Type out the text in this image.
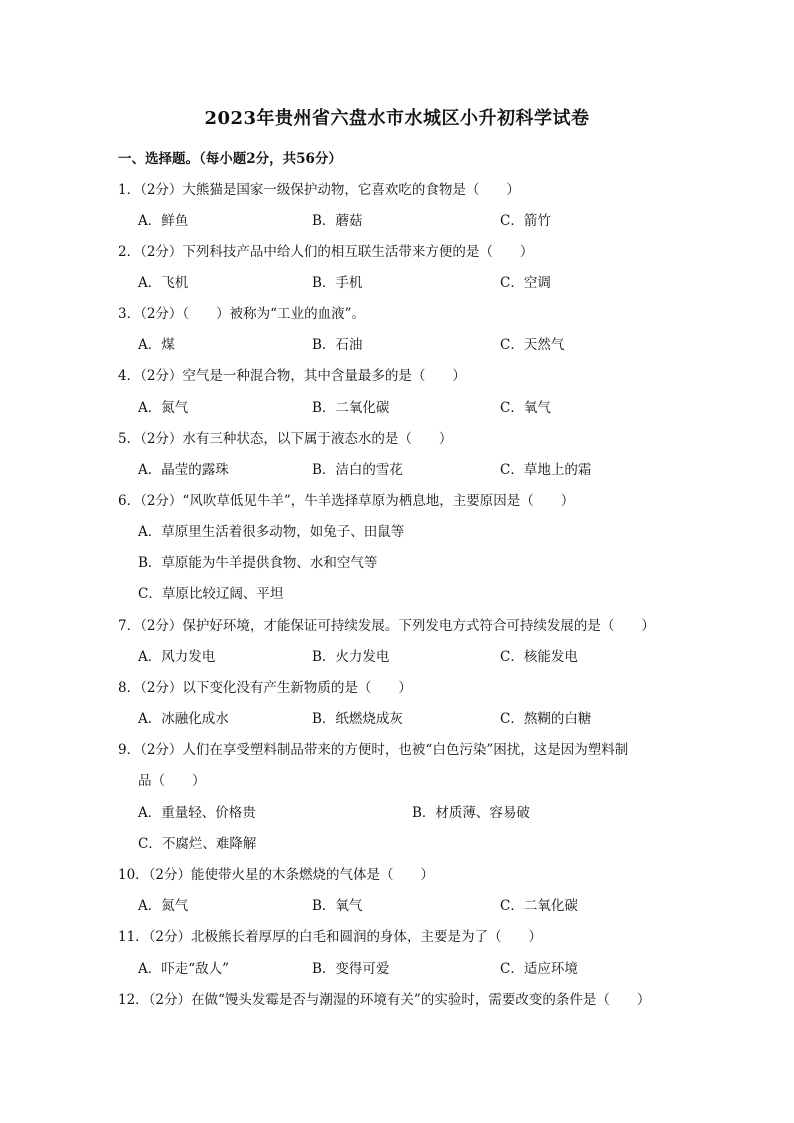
2023年贵州省六盘水市水城区小升初科学试卷
一、选择题。（每小题2分，共56分）
1．（2分）大熊猫是国家一级保护动物，它喜欢吃的食物是（　　）
A．鲜鱼	B．蘑菇	C．箭竹
2．（2分）下列科技产品中给人们的相互联生活带来方便的是（　　）
A．飞机	B．手机	C．空调
3．（2分）（　　）被称为“工业的血液”。
A．煤	B．石油	C．天然气
4．（2分）空气是一种混合物，其中含量最多的是（　　）
A．氮气	B．二氧化碳	C．氧气
5．（2分）水有三种状态，以下属于液态水的是（　　）
A．晶莹的露珠	B．洁白的雪花	C．草地上的霜
6．（2分）“风吹草低见牛羊”，牛羊选择草原为栖息地，主要原因是（　　）
A．草原里生活着很多动物，如兔子、田鼠等
B．草原能为牛羊提供食物、水和空气等
C．草原比较辽阔、平坦
7．（2分）保护好环境，才能保证可持续发展。下列发电方式符合可持续发展的是（　　）
A．风力发电	B．火力发电	C．核能发电
8．（2分）以下变化没有产生新物质的是（　　）
A．冰融化成水	B．纸燃烧成灰	C．熬糊的白糖
9．（2分）人们在享受塑料制品带来的方便时，也被“白色污染”困扰，这是因为塑料制
品（　　）
A．重量轻、价格贵	B．材质薄、容易破
C．不腐烂、难降解
10．（2分）能使带火星的木条燃烧的气体是（　　）
A．氮气	B．氧气	C．二氧化碳
11．（2分）北极熊长着厚厚的白毛和圆润的身体，主要是为了（　　）
A．吓走“敌人”	B．变得可爱	C．适应环境
12．（2分）在做“馒头发霉是否与潮湿的环境有关”的实验时，需要改变的条件是（　　）
